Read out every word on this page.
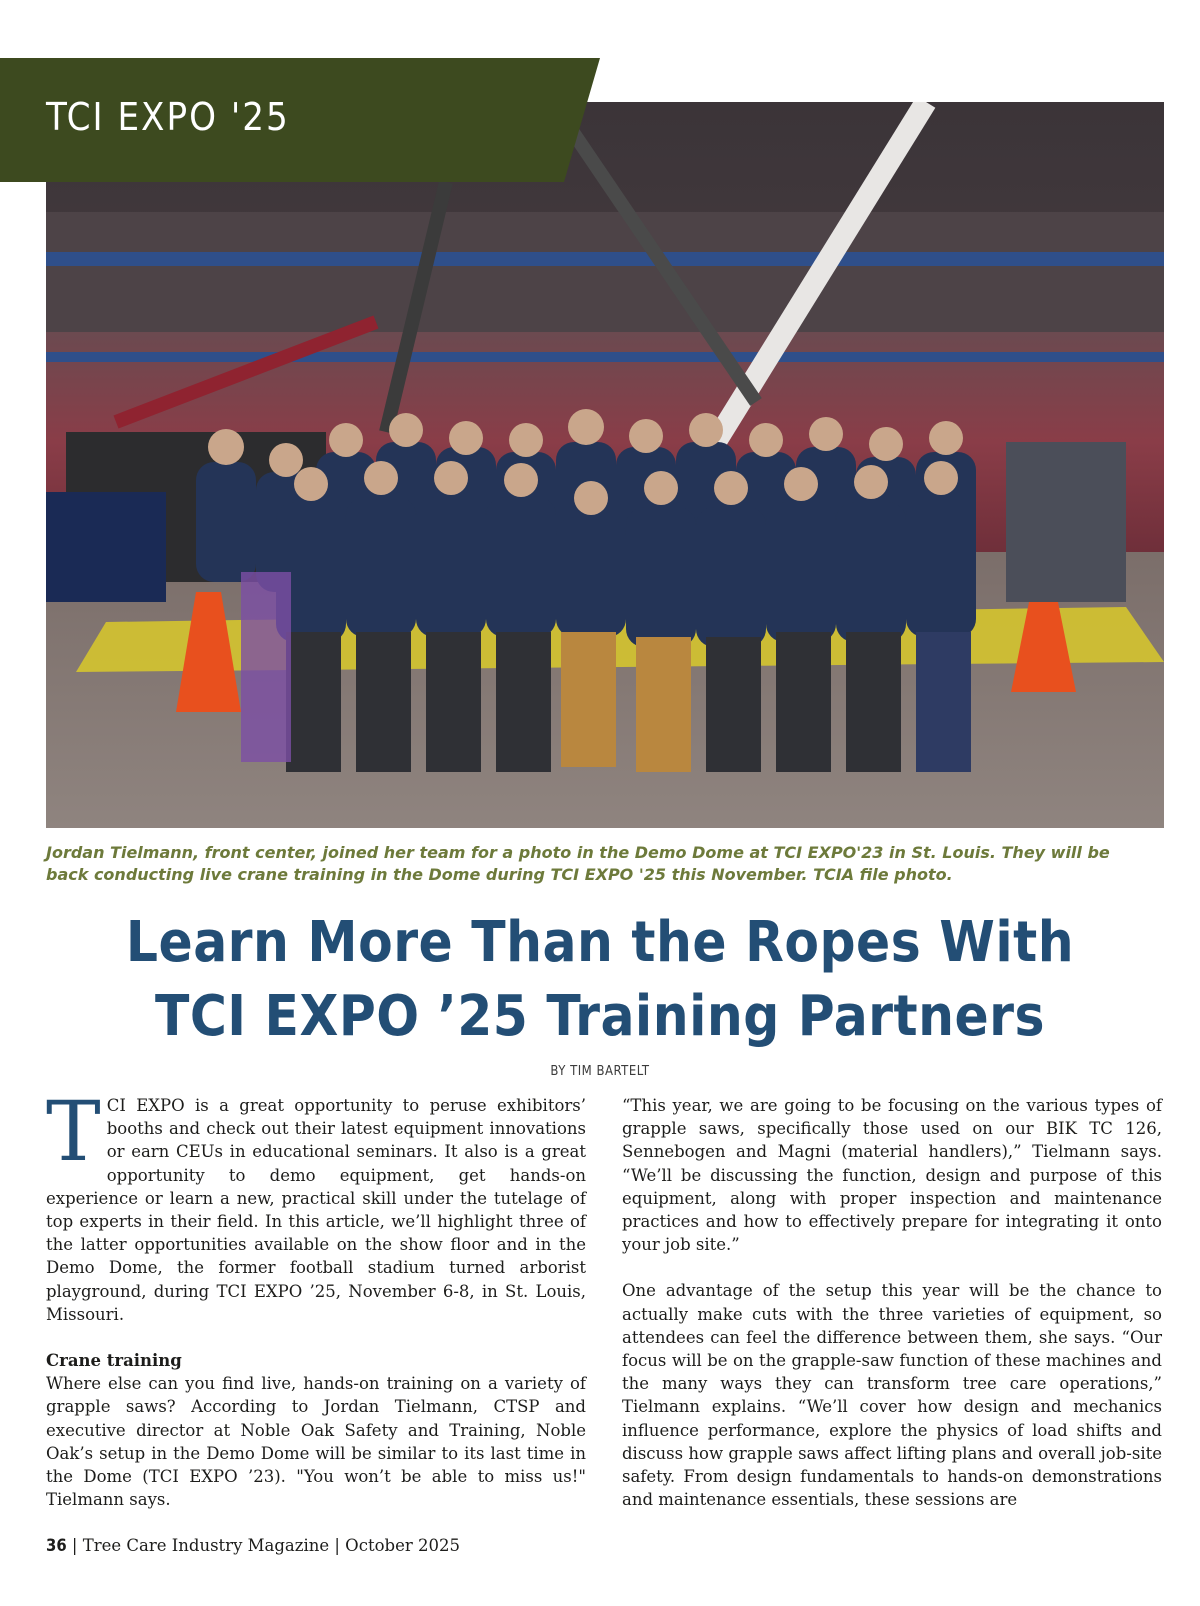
TCI EXPO '25
Jordan Tielmann, front center, joined her team for a photo in the Demo Dome at TCI EXPO'23 in St. Louis. They will be back conducting live crane training in the Dome during TCI EXPO '25 this November. TCIA file photo.
Learn More Than the Ropes With
TCI EXPO ’25 Training Partners
BY TIM BARTELT

TCI EXPO is a great opportunity to peruse exhibitors’ booths and check out their latest equipment innovations or earn CEUs in educational seminars. It also is a great opportunity to demo equipment, get hands-on experience or learn a new, practical skill under the tutelage of top experts in their field. In this article, we’ll highlight three of the latter opportunities available on the show floor and in the Demo Dome, the former football stadium turned arborist playground, during TCI EXPO ’25, November 6-8, in St. Louis, Missouri.

Crane training

Where else can you find live, hands-on training on a variety of grapple saws? According to Jordan Tielmann, CTSP and executive director at Noble Oak Safety and Training, Noble Oak’s setup in the Demo Dome will be similar to its last time in the Dome (TCI EXPO ’23). "You won’t be able to miss us!" Tielmann says.

“This year, we are going to be focusing on the various types of grapple saws, specifically those used on our BIK TC 126, Sennebogen and Magni (material handlers),” Tielmann says. “We’ll be discussing the function, design and purpose of this equipment, along with proper inspection and maintenance practices and how to effectively prepare for integrating it onto your job site.”

One advantage of the setup this year will be the chance to actually make cuts with the three varieties of equipment, so attendees can feel the difference between them, she says. “Our focus will be on the grapple-saw function of these machines and the many ways they can transform tree care operations,” Tielmann explains. “We’ll cover how design and mechanics influence performance, explore the physics of load shifts and discuss how grapple saws affect lifting plans and overall job-site safety. From design fundamentals to hands-on demonstrations and maintenance essentials, these sessions are

36 | Tree Care Industry Magazine | October 2025
